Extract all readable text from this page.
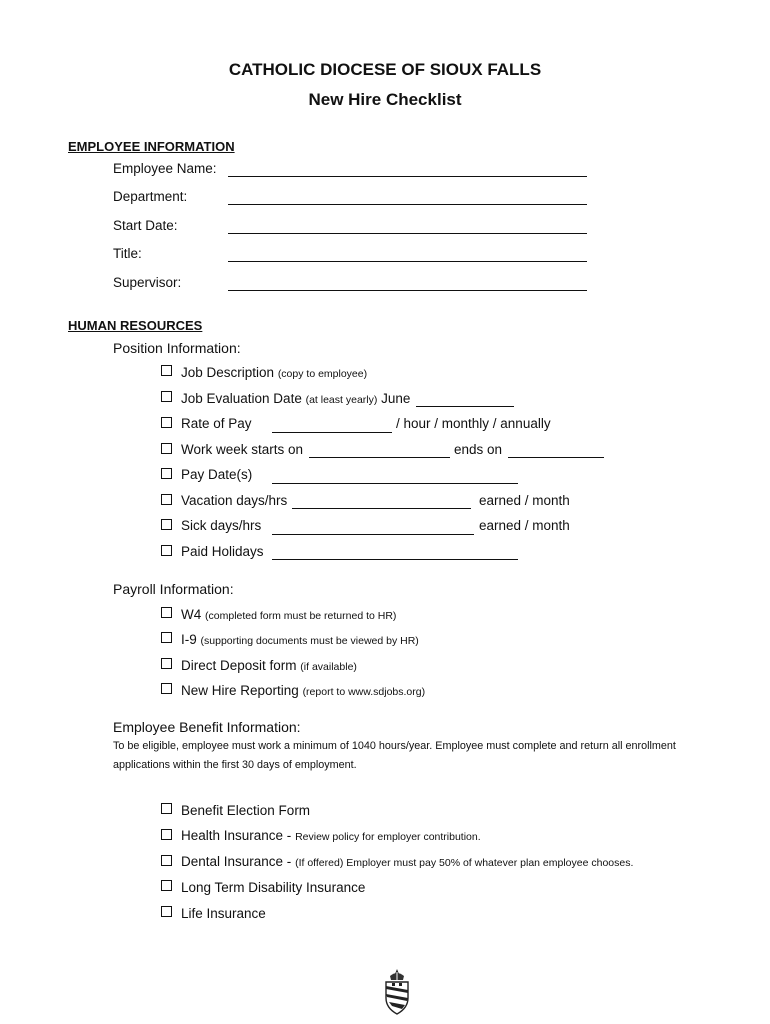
CATHOLIC DIOCESE OF SIOUX FALLS
New Hire Checklist
EMPLOYEE INFORMATION
Employee Name:
Department:
Start Date:
Title:
Supervisor:
HUMAN RESOURCES
Position Information:
Job Description (copy to employee)
Job Evaluation Date (at least yearly) June
Rate of Pay	/ hour / monthly / annually
Work week starts on	ends on
Pay Date(s)
Vacation days/hrs	earned / month
Sick days/hrs	earned / month
Paid Holidays
Payroll Information:
W4 (completed form must be returned to HR)
I-9 (supporting documents must be viewed by HR)
Direct Deposit form (if available)
New Hire Reporting (report to www.sdjobs.org)
Employee Benefit Information:
To be eligible, employee must work a minimum of 1040 hours/year. Employee must complete and return all enrollment applications within the first 30 days of employment.
Benefit Election Form
Health Insurance - Review policy for employer contribution.
Dental Insurance - (If offered) Employer must pay 50% of whatever plan employee chooses.
Long Term Disability Insurance
Life Insurance
